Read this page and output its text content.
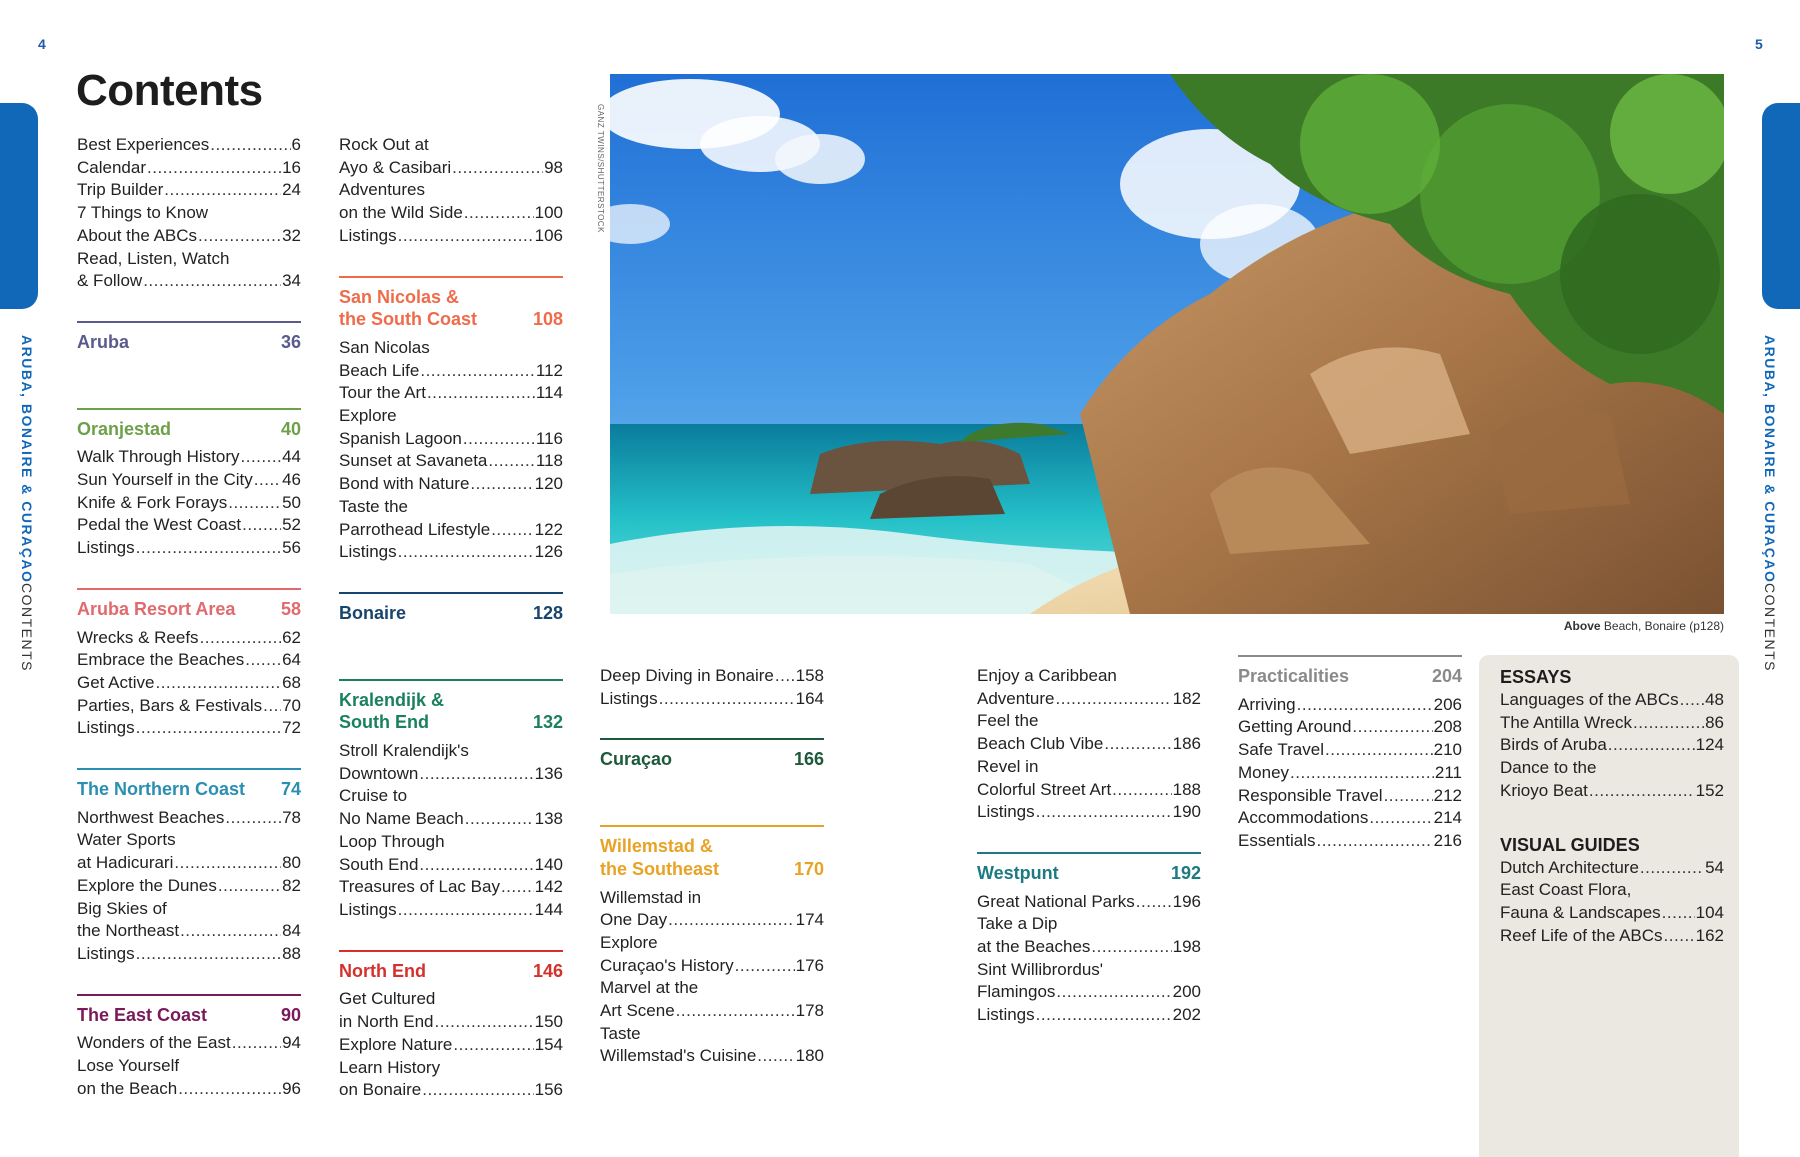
4	5
ARUBA, BONAIRE & CURAÇAOCONTENTS
ARUBA, BONAIRE & CURAÇAOCONTENTS
Contents
Best Experiences .....	6
Calendar .....	16
Trip Builder .....	24
7 Things to Know
About the ABCs .....	32
Read, Listen, Watch
& Follow .....	34
Aruba	36
Oranjestad	40
Walk Through History .....	44
Sun Yourself in the City ..... 46
Knife & Fork Forays .....	50
Pedal the West Coast ..... 52
Listings .....	56
Aruba Resort Area	58
Wrecks & Reefs .....	62
Embrace the Beaches ..... 64
Get Active .....	68
Parties, Bars & Festivals ..... 70
Listings .....	72
The Northern Coast 74
Northwest Beaches .....	78
Water Sports
at Hadicurari .....	80
Explore the Dunes .....	82
Big Skies of
the Northeast .....	84
Listings .....	88
The East Coast	90
Wonders of the East .....	94
Lose Yourself
on the Beach .....	96
Rock Out at
Ayo & Casibari .....	98
Adventures
on the Wild Side .....	100
Listings .....	106
San Nicolas &
the South Coast	108
San Nicolas
Beach Life .....	112
Tour the Art .....	114
Explore
Spanish Lagoon .....	116
Sunset at Savaneta .....	118
Bond with Nature .....	120
Taste the
Parrothead Lifestyle .....	122
Listings .....	126
Bonaire	128
Kralendijk &
South End	132
Stroll Kralendijk's
Downtown .....	136
Cruise to
No Name Beach .....	138
Loop Through
South End .....	140
Treasures of Lac Bay ..... 142
Listings .....	144
North End	146
Get Cultured
in North End .....	150
Explore Nature .....	154
Learn History
on Bonaire .....	156
Deep Diving in Bonaire ..... 158
Listings .....	164
Curaçao	166
Willemstad &
the Southeast	170
Willemstad in
One Day .....	174
Explore
Curaçao's History .....	176
Marvel at the
Art Scene .....	178
Taste
Willemstad's Cuisine ..... 180
Enjoy a Caribbean
Adventure .....	182
Feel the
Beach Club Vibe .....	186
Revel in
Colorful Street Art .....	188
Listings .....	190
Westpunt	192
Great National Parks ..... 196
Take a Dip
at the Beaches .....	198
Sint Willibrordus'
Flamingos .....	200
Listings .....	202
Practicalities	204
Arriving .....	206
Getting Around .....	208
Safe Travel .....	210
Money .....	211
Responsible Travel .....	212
Accommodations .....	214
Essentials .....	216
ESSAYS
Languages of the ABCs ..... 48
The Antilla Wreck .....	86
Birds of Aruba .....	124
Dance to the
Krioyo Beat .....	152
VISUAL GUIDES
Dutch Architecture .....	54
East Coast Flora,
Fauna & Landscapes ..... 104
Reef Life of the ABCs ..... 162
GANZ TWINS/SHUTTERSTOCK
Above Beach, Bonaire (p128)
